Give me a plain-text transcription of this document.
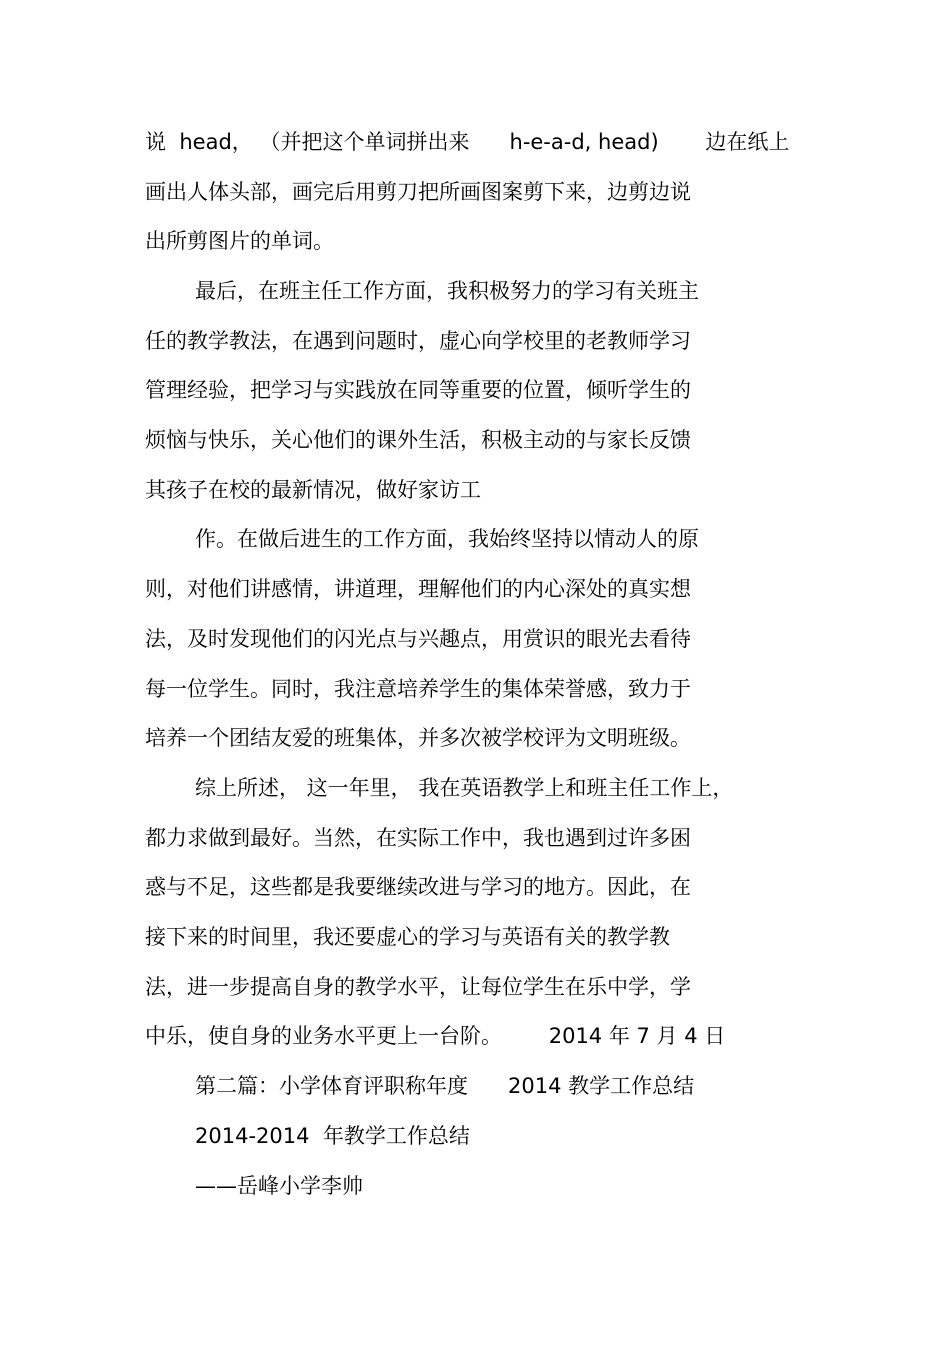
说  head， （并把这个单词拼出来      h-e-a-d, head)       边在纸上
画出人体头部，画完后用剪刀把所画图案剪下来，边剪边说
出所剪图片的单词。
最后，在班主任工作方面，我积极努力的学习有关班主
任的教学教法，在遇到问题时，虚心向学校里的老教师学习
管理经验，把学习与实践放在同等重要的位置，倾听学生的
烦恼与快乐，关心他们的课外生活，积极主动的与家长反馈
其孩子在校的最新情况，做好家访工
作。在做后进生的工作方面，我始终坚持以情动人的原
则，对他们讲感情，讲道理，理解他们的内心深处的真实想
法，及时发现他们的闪光点与兴趣点，用赏识的眼光去看待
每一位学生。同时，我注意培养学生的集体荣誉感，致力于
培养一个团结友爱的班集体，并多次被学校评为文明班级。
综上所述， 这一年里， 我在英语教学上和班主任工作上，
都力求做到最好。当然，在实际工作中，我也遇到过许多困
惑与不足，这些都是我要继续改进与学习的地方。因此，在
接下来的时间里，我还要虚心的学习与英语有关的教学教
法，进一步提高自身的教学水平，让每位学生在乐中学，学
中乐，使自身的业务水平更上一台阶。       2014 年 7 月 4 日
第二篇：小学体育评职称年度      2014 教学工作总结
2014-2014  年教学工作总结
——岳峰小学李帅
